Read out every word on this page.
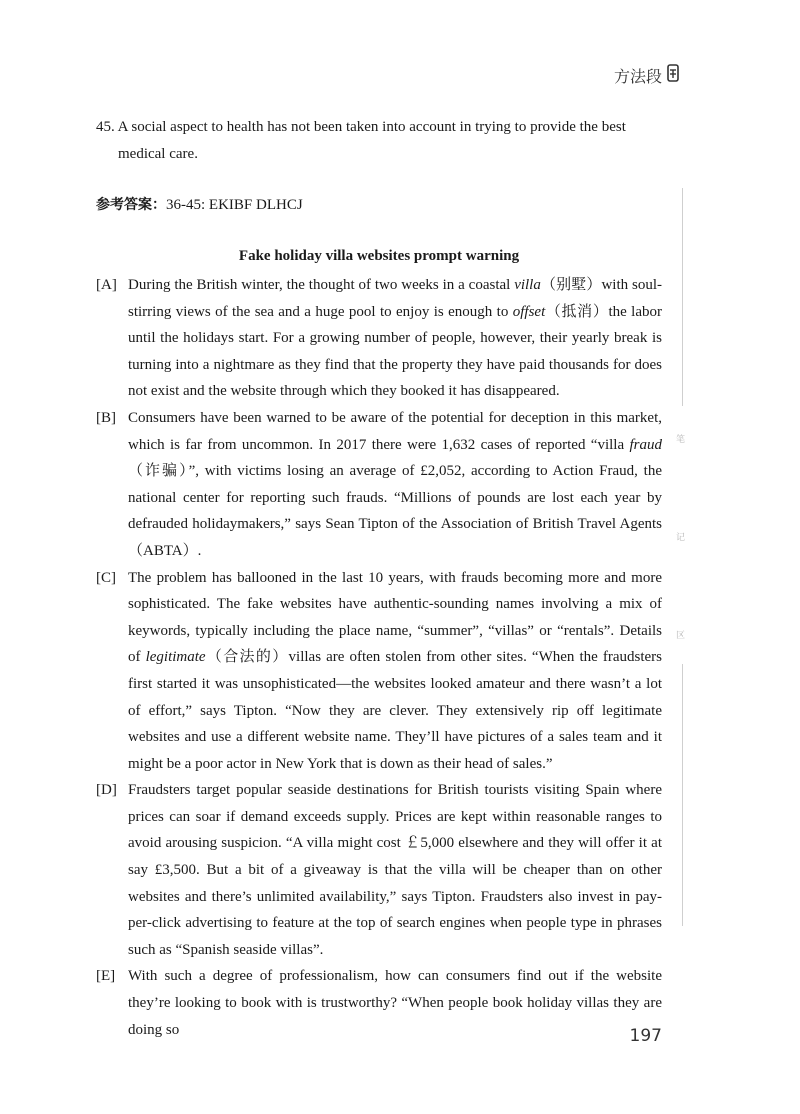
方法段
45. A social aspect to health has not been taken into account in trying to provide the best medical care.
参考答案：36-45: EKIBF DLHCJ
Fake holiday villa websites prompt warning

[A] During the British winter, the thought of two weeks in a coastal villa（别墅）with soul-stirring views of the sea and a huge pool to enjoy is enough to offset（抵消）the labor until the holidays start. For a growing number of people, however, their yearly break is turning into a nightmare as they find that the property they have paid thousands for does not exist and the website through which they booked it has disappeared.

[B] Consumers have been warned to be aware of the potential for deception in this market, which is far from uncommon. In 2017 there were 1,632 cases of reported “villa fraud（诈骗）”, with victims losing an average of £2,052, according to Action Fraud, the national center for reporting such frauds. “Millions of pounds are lost each year by defrauded holidaymakers,” says Sean Tipton of the Association of British Travel Agents（ABTA）.

[C] The problem has ballooned in the last 10 years, with frauds becoming more and more sophisticated. The fake websites have authentic-sounding names involving a mix of keywords, typically including the place name, “summer”, “villas” or “rentals”. Details of legitimate（合法的）villas are often stolen from other sites. “When the fraudsters first started it was unsophisticated—the websites looked amateur and there wasn’t a lot of effort,” says Tipton. “Now they are clever. They extensively rip off legitimate websites and use a different website name. They’ll have pictures of a sales team and it might be a poor actor in New York that is down as their head of sales.”

[D] Fraudsters target popular seaside destinations for British tourists visiting Spain where prices can soar if demand exceeds supply. Prices are kept within reasonable ranges to avoid arousing suspicion. “A villa might cost ￡5,000 elsewhere and they will offer it at say £3,500. But a bit of a giveaway is that the villa will be cheaper than on other websites and there’s unlimited availability,” says Tipton. Fraudsters also invest in pay-per-click advertising to feature at the top of search engines when people type in phrases such as “Spanish seaside villas”.

[E] With such a degree of professionalism, how can consumers find out if the website they’re looking to book with is trustworthy? “When people book holiday villas they are doing so

笔
记
区
197
